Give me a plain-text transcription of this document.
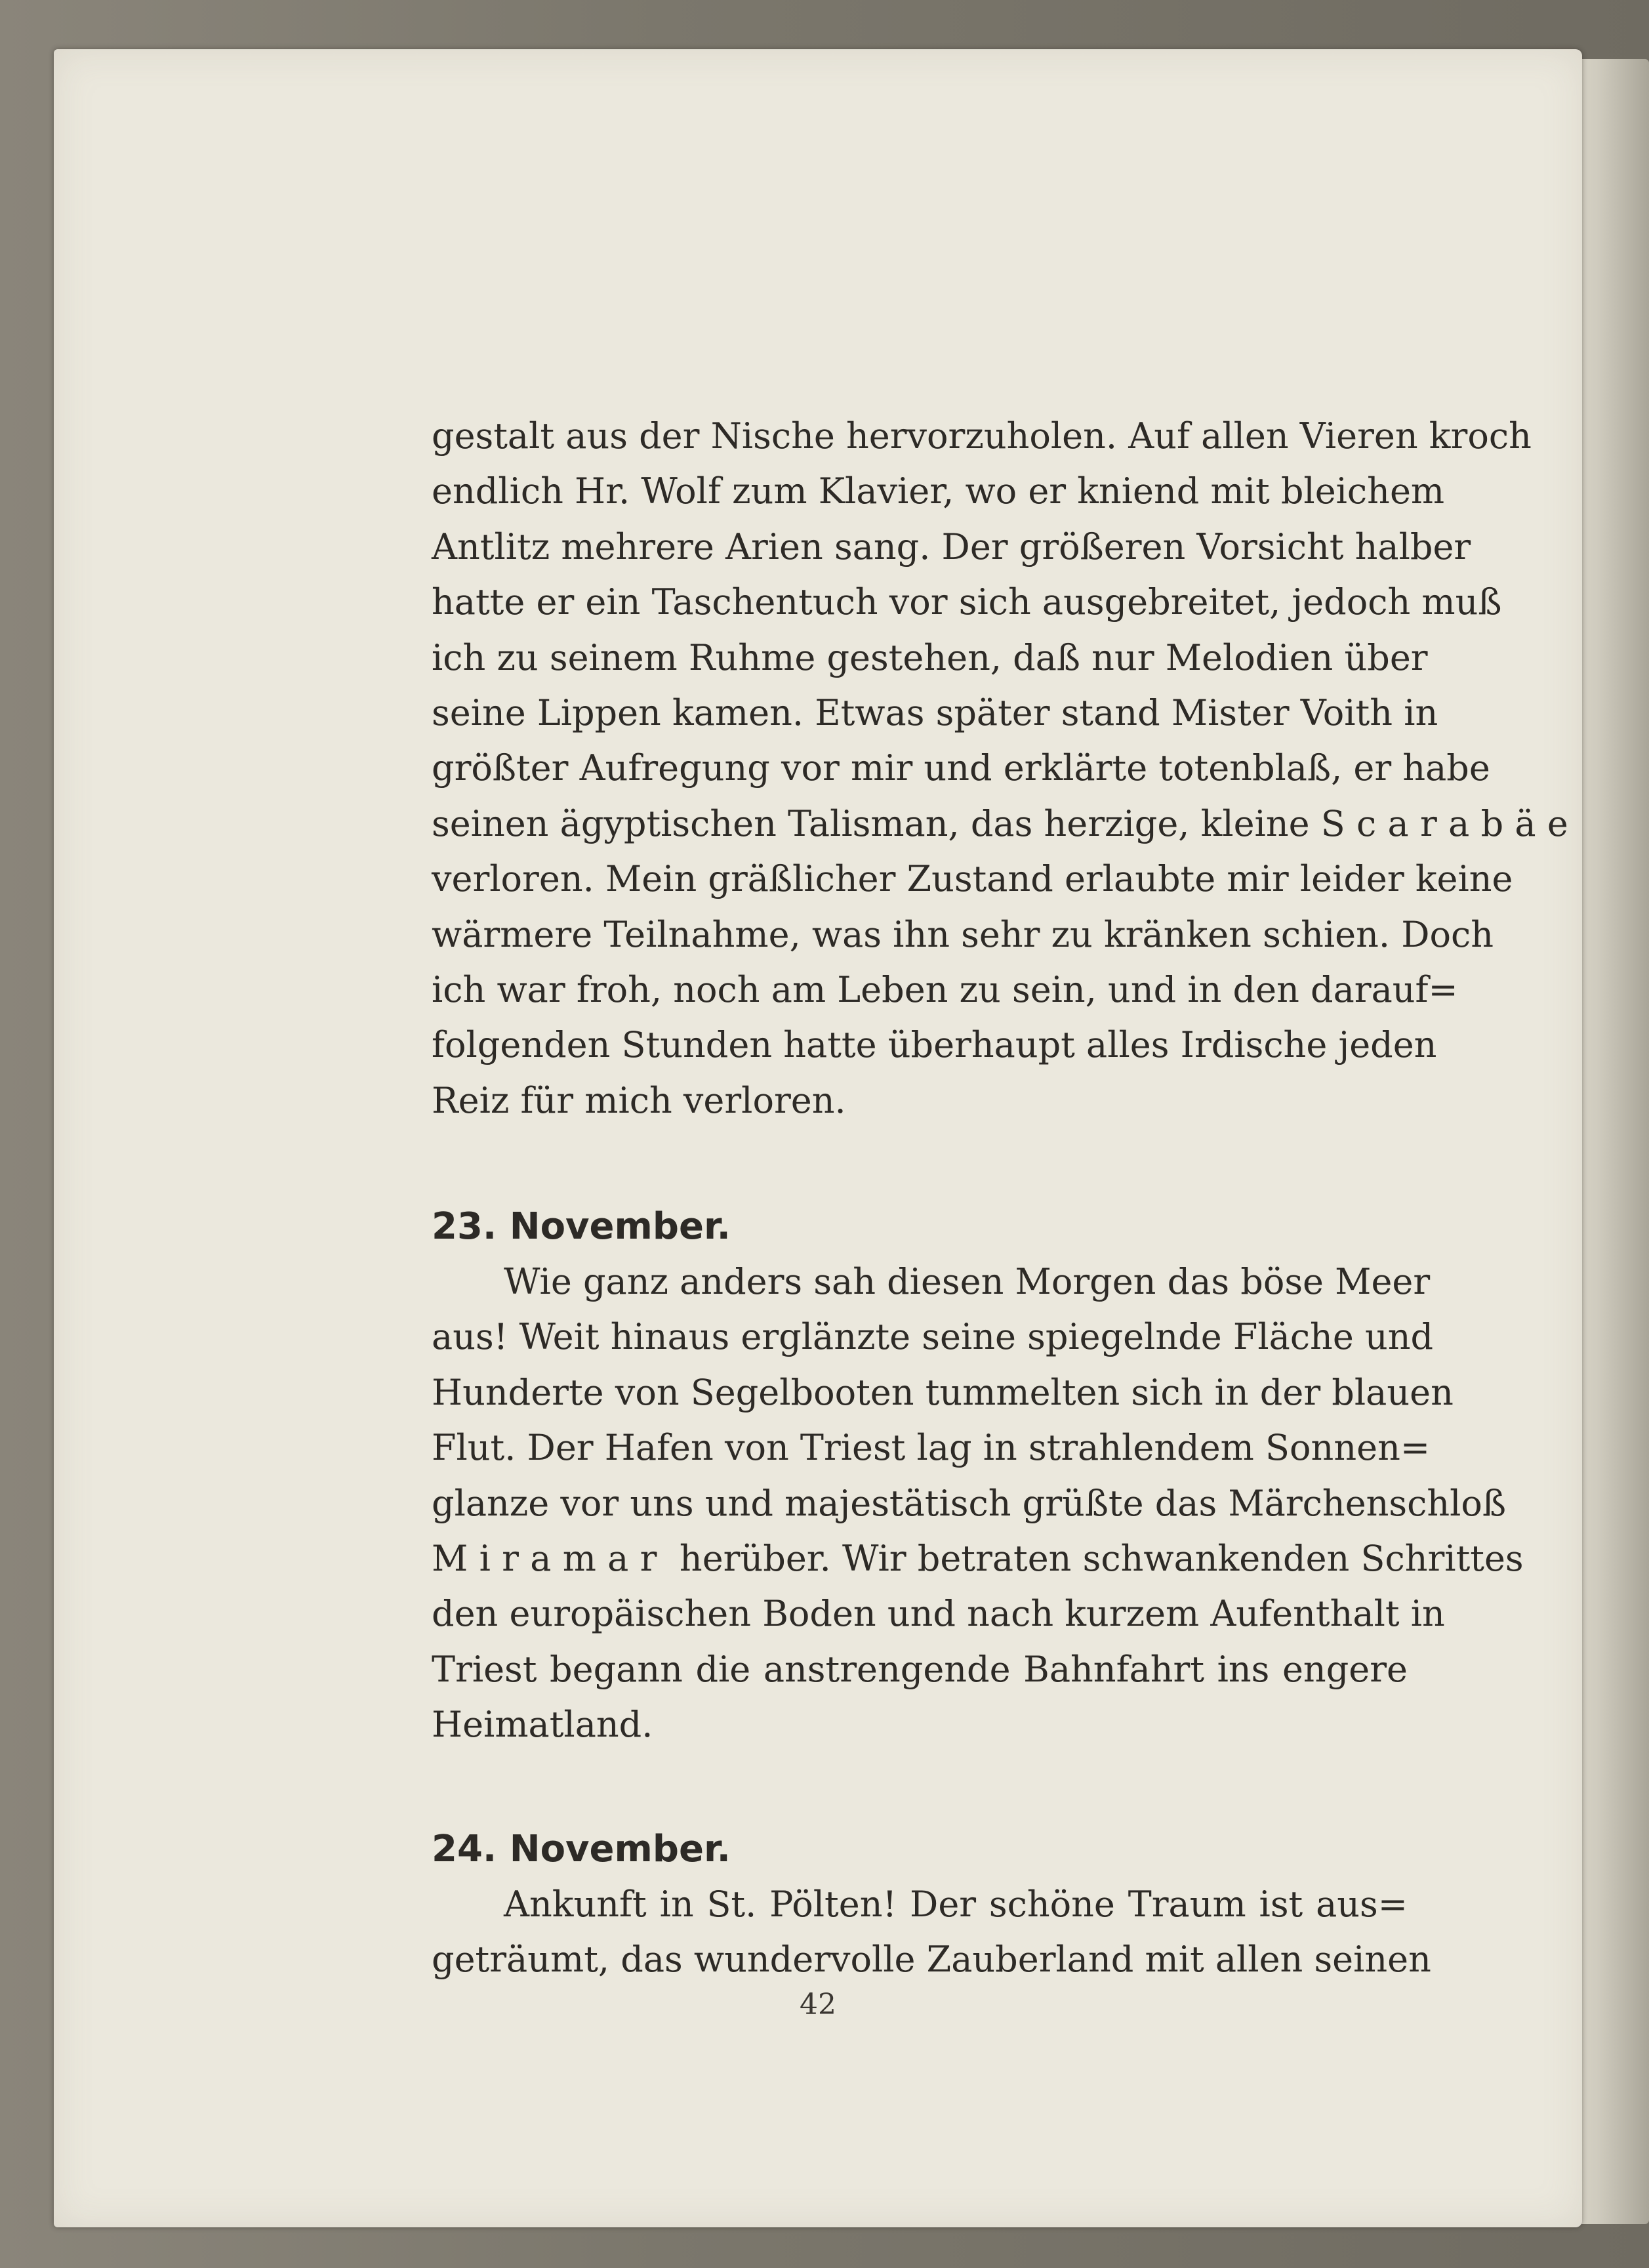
gestalt aus der Nische hervorzuholen. Auf allen Vieren kroch
endlich Hr. Wolf zum Klavier, wo er kniend mit bleichem
Antlitz mehrere Arien sang. Der größeren Vorsicht halber
hatte er ein Taschentuch vor sich ausgebreitet, jedoch muß
ich zu seinem Ruhme gestehen, daß nur Melodien über
seine Lippen kamen. Etwas später stand Mister Voith in
größter Aufregung vor mir und erklärte totenblaß, er habe
seinen ägyptischen Talisman, das herzige, kleine Scarabäe
verloren. Mein gräßlicher Zustand erlaubte mir leider keine
wärmere Teilnahme, was ihn sehr zu kränken schien. Doch
ich war froh, noch am Leben zu sein, und in den darauf=
folgenden Stunden hatte überhaupt alles Irdische jeden
Reiz für mich verloren.
23. November.
Wie ganz anders sah diesen Morgen das böse Meer
aus! Weit hinaus erglänzte seine spiegelnde Fläche und
Hunderte von Segelbooten tummelten sich in der blauen
Flut. Der Hafen von Triest lag in strahlendem Sonnen=
glanze vor uns und majestätisch grüßte das Märchenschloß
Miramar herüber. Wir betraten schwankenden Schrittes
den europäischen Boden und nach kurzem Aufenthalt in
Triest begann die anstrengende Bahnfahrt ins engere
Heimatland.
24. November.
Ankunft in St. Pölten! Der schöne Traum ist aus=
geträumt, das wundervolle Zauberland mit allen seinen
42
